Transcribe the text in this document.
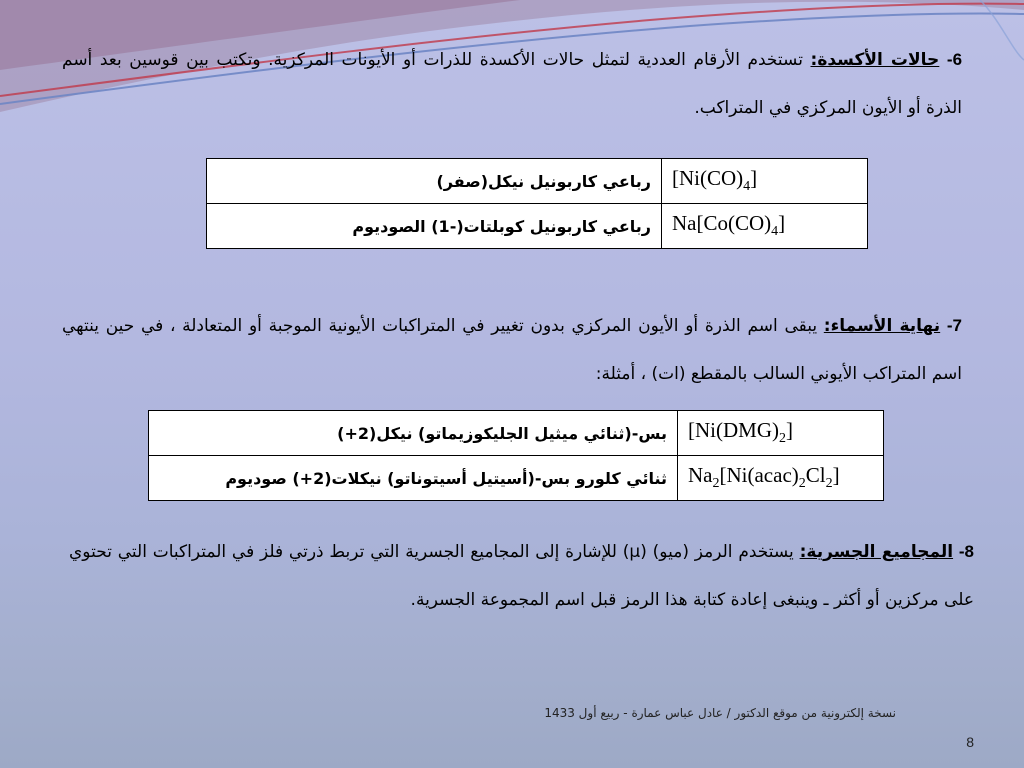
6- حالات الأكسدة: تستخدم الأرقام العددية لتمثل حالات الأكسدة للذرات أو الأيونات المركزية. وتكتب بين قوسين بعد أسم الذرة أو الأيون المركزي في المتراكب.
$[Ni(CO)_4]$	رباعي كاربونيل نيكل(صفر)
$Na[Co(CO)_4]$	رباعي كاربونيل كوبلتات(-1) الصوديوم
7- نهاية الأسماء: يبقى اسم الذرة أو الأيون المركزي بدون تغيير في المتراكبات الأيونية الموجبة أو المتعادلة ، في حين ينتهي اسم المتراكب الأيوني السالب بالمقطع (ات) ، أمثلة:
$[Ni(DMG)_2]$	بس-(ثنائي ميثيل الجليكوزيماتو) نيكل(2+)
$Na_2[Ni(acac)_2Cl_2]$	ثنائي كلورو بس-(أسيتيل أسيتوناتو) نيكلات(2+) صوديوم
8- المجاميع الجسرية: يستخدم الرمز (ميو) (μ) للإشارة إلى المجاميع الجسرية التي تربط ذرتي فلز في المتراكبات التي تحتوي على مركزين أو أكثر ـ وينبغى إعادة كتابة هذا الرمز قبل اسم المجموعة الجسرية.
نسخة إلكترونية من موقع الدكتور / عادل عباس عمارة - ربيع أول 1433
8
